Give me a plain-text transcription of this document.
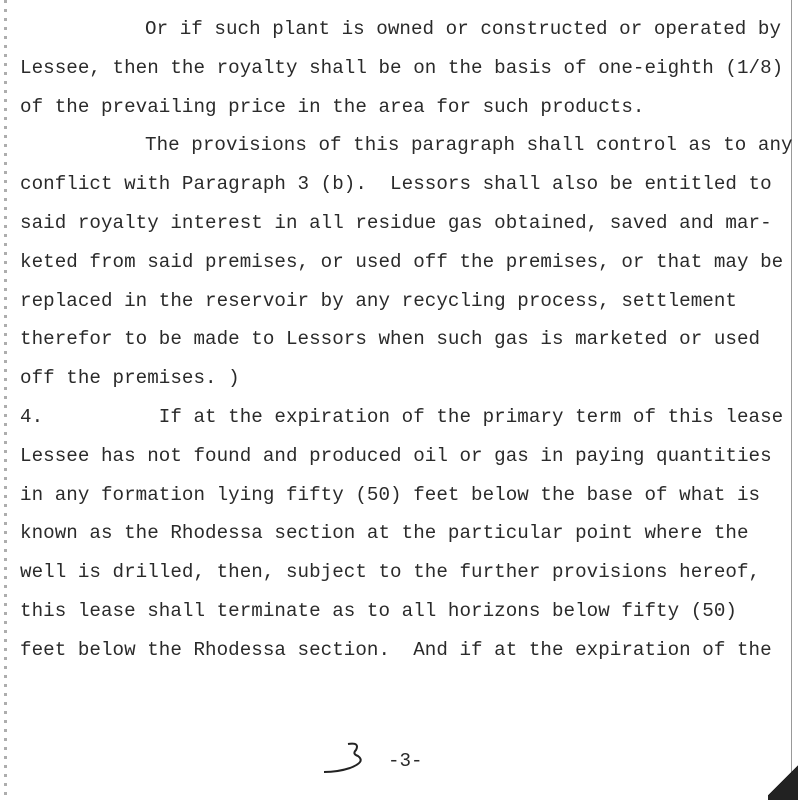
Or if such plant is owned or constructed or operated by
Lessee, then the royalty shall be on the basis of one-eighth (1/8)
of the prevailing price in the area for such products.
The provisions of this paragraph shall control as to any
conflict with Paragraph 3 (b).  Lessors shall also be entitled to
said royalty interest in all residue gas obtained, saved and mar-
keted from said premises, or used off the premises, or that may be
replaced in the reservoir by any recycling process, settlement
therefor to be made to Lessors when such gas is marketed or used
off the premises. )
4.          If at the expiration of the primary term of this lease
Lessee has not found and produced oil or gas in paying quantities
in any formation lying fifty (50) feet below the base of what is
known as the Rhodessa section at the particular point where the
well is drilled, then, subject to the further provisions hereof,
this lease shall terminate as to all horizons below fifty (50)
feet below the Rhodessa section.  And if at the expiration of the
-3-
